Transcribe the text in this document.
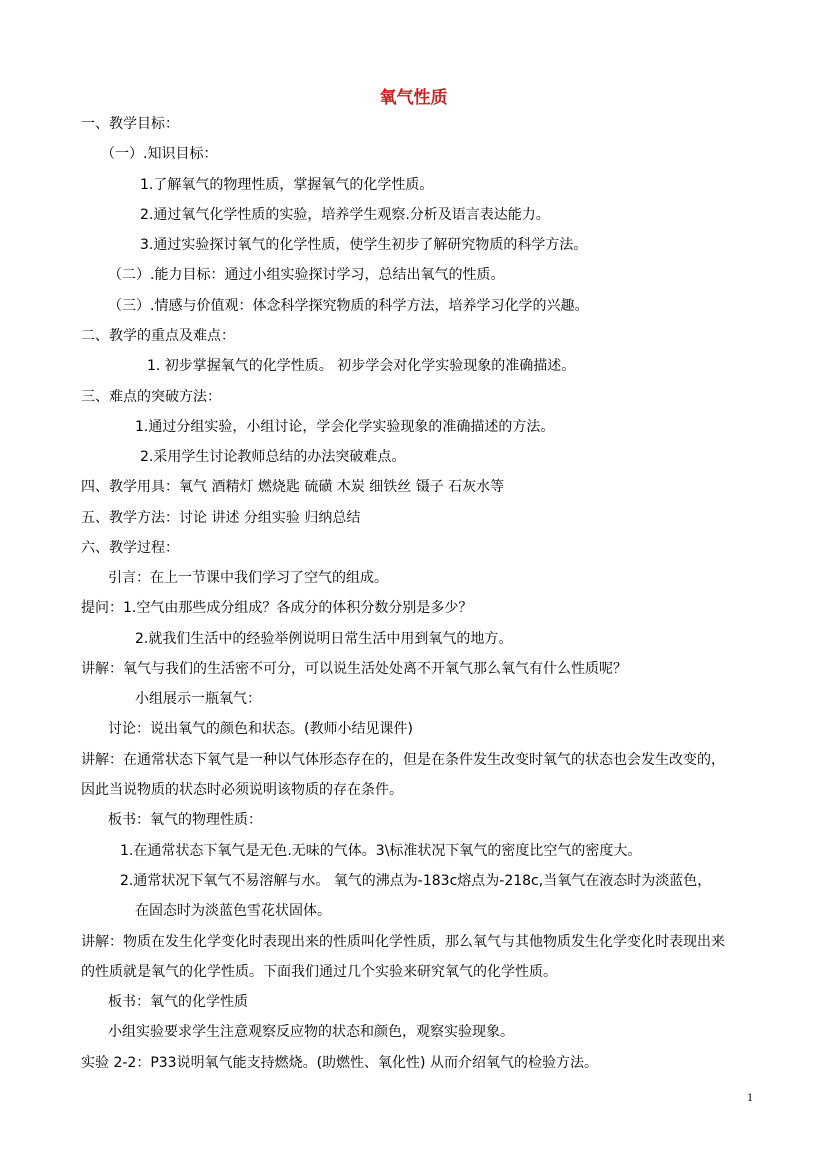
氧气性质
一、教学目标：
（一）.知识目标：
1.了解氧气的物理性质，掌握氧气的化学性质。
2.通过氧气化学性质的实验，培养学生观察.分析及语言表达能力。
3.通过实验探讨氧气的化学性质，使学生初步了解研究物质的科学方法。
（二）.能力目标：通过小组实验探讨学习，总结出氧气的性质。
（三）.情感与价值观：体念科学探究物质的科学方法，培养学习化学的兴趣。
二、教学的重点及难点：
1. 初步掌握氧气的化学性质。 初步学会对化学实验现象的准确描述。
三、难点的突破方法：
1.通过分组实验，小组讨论，学会化学实验现象的准确描述的方法。
2.采用学生讨论教师总结的办法突破难点。
四、教学用具：氧气 酒精灯 燃烧匙 硫磺 木炭 细铁丝 镊子 石灰水等
五、教学方法：讨论 讲述 分组实验 归纳总结
六、教学过程：
引言：在上一节课中我们学习了空气的组成。
提问：1.空气由那些成分组成？各成分的体积分数分别是多少？
2.就我们生活中的经验举例说明日常生活中用到氧气的地方。
讲解：氧气与我们的生活密不可分，可以说生活处处离不开氧气那么氧气有什么性质呢？
小组展示一瓶氧气：
讨论：说出氧气的颜色和状态。(教师小结见课件)
讲解：在通常状态下氧气是一种以气体形态存在的，但是在条件发生改变时氧气的状态也会发生改变的，
因此当说物质的状态时必须说明该物质的存在条件。
板书：氧气的物理性质：
1.在通常状态下氧气是无色.无味的气体。3\标准状况下氧气的密度比空气的密度大。
2.通常状况下氧气不易溶解与水。 氧气的沸点为-183c熔点为-218c,当氧气在液态时为淡蓝色，
在固态时为淡蓝色雪花状固体。
讲解：物质在发生化学变化时表现出来的性质叫化学性质，那么氧气与其他物质发生化学变化时表现出来
的性质就是氧气的化学性质。下面我们通过几个实验来研究氧气的化学性质。
板书：氧气的化学性质
小组实验要求学生注意观察反应物的状态和颜色，观察实验现象。
实验 2-2：P33说明氧气能支持燃烧。(助燃性、氧化性) 从而介绍氧气的检验方法。
1
